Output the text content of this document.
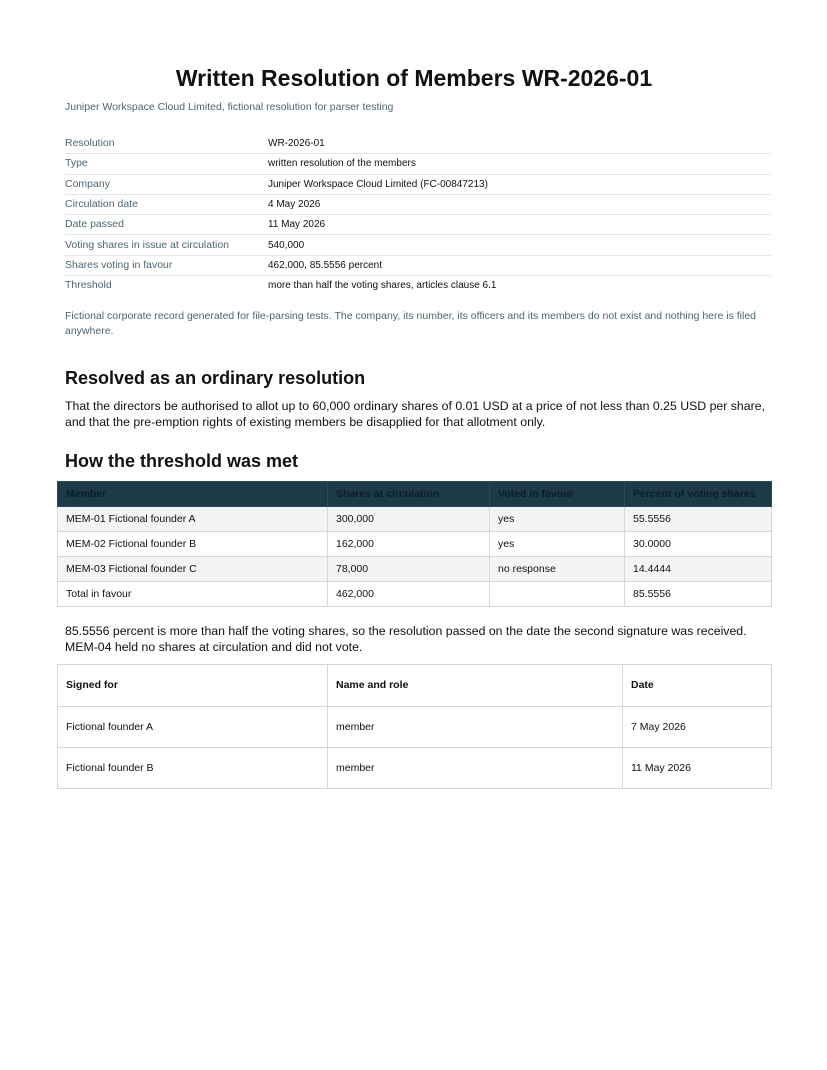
Written Resolution of Members WR-2026-01
Juniper Workspace Cloud Limited, fictional resolution for parser testing
Resolution	WR-2026-01
Type	written resolution of the members
Company	Juniper Workspace Cloud Limited (FC-00847213)
Circulation date	4 May 2026
Date passed	11 May 2026
Voting shares in issue at circulation	540,000
Shares voting in favour	462,000, 85.5556 percent
Threshold	more than half the voting shares, articles clause 6.1
Fictional corporate record generated for file-parsing tests. The company, its number, its officers and its members do not exist and nothing here is filed anywhere.
Resolved as an ordinary resolution
That the directors be authorised to allot up to 60,000 ordinary shares of 0.01 USD at a price of not less than 0.25 USD per share, and that the pre-emption rights of existing members be disapplied for that allotment only.
How the threshold was met
Member	Shares at circulation	Voted in favour	Percent of voting shares
MEM-01 Fictional founder A	300,000	yes	55.5556
MEM-02 Fictional founder B	162,000	yes	30.0000
MEM-03 Fictional founder C	78,000	no response	14.4444
Total in favour	462,000		85.5556
85.5556 percent is more than half the voting shares, so the resolution passed on the date the second signature was received. MEM-04 held no shares at circulation and did not vote.
Signed for	Name and role	Date
Fictional founder A	member	7 May 2026
Fictional founder B	member	11 May 2026
